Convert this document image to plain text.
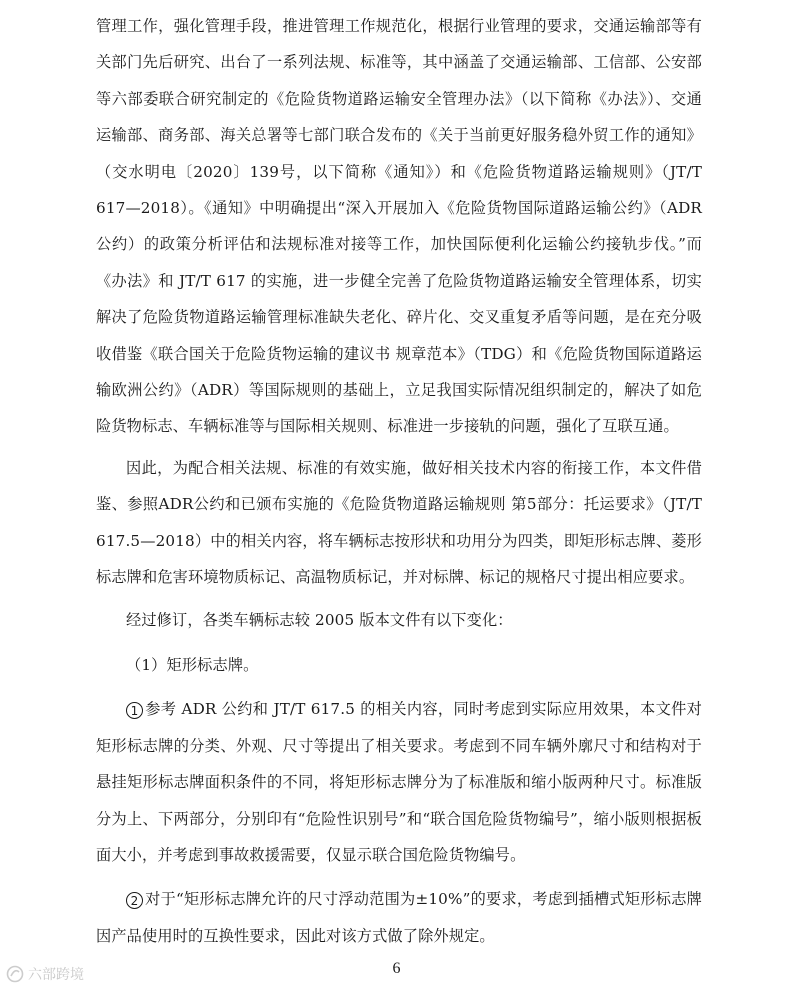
管理工作，强化管理手段，推进管理工作规范化，根据行业管理的要求，交通运输部等有关部门先后研究、出台了一系列法规、标准等，其中涵盖了交通运输部、工信部、公安部等六部委联合研究制定的《危险货物道路运输安全管理办法》（以下简称《办法》）、交通运输部、商务部、海关总署等七部门联合发布的《关于当前更好服务稳外贸工作的通知》（交水明电〔2020〕139号，以下简称《通知》）和《危险货物道路运输规则》（JT/T 617—2018）。《通知》中明确提出“深入开展加入《危险货物国际道路运输公约》（ADR公约）的政策分析评估和法规标准对接等工作，加快国际便利化运输公约接轨步伐。”而《办法》和 JT/T 617 的实施，进一步健全完善了危险货物道路运输安全管理体系，切实解决了危险货物道路运输管理标准缺失老化、碎片化、交叉重复矛盾等问题，是在充分吸收借鉴《联合国关于危险货物运输的建议书 规章范本》（TDG）和《危险货物国际道路运输欧洲公约》（ADR）等国际规则的基础上，立足我国实际情况组织制定的，解决了如危险货物标志、车辆标准等与国际相关规则、标准进一步接轨的问题，强化了互联互通。

因此，为配合相关法规、标准的有效实施，做好相关技术内容的衔接工作，本文件借鉴、参照ADR公约和已颁布实施的《危险货物道路运输规则 第5部分：托运要求》（JT/T 617.5—2018）中的相关内容，将车辆标志按形状和功用分为四类，即矩形标志牌、菱形标志牌和危害环境物质标记、高温物质标记，并对标牌、标记的规格尺寸提出相应要求。

经过修订，各类车辆标志较 2005 版本文件有以下变化：

（1）矩形标志牌。

1 参考 ADR 公约和 JT/T 617.5 的相关内容，同时考虑到实际应用效果，本文件对矩形标志牌的分类、外观、尺寸等提出了相关要求。考虑到不同车辆外廓尺寸和结构对于悬挂矩形标志牌面积条件的不同，将矩形标志牌分为了标准版和缩小版两种尺寸。标准版分为上、下两部分，分别印有“危险性识别号”和“联合国危险货物编号”，缩小版则根据板面大小，并考虑到事故救援需要，仅显示联合国危险货物编号。

2 对于“矩形标志牌允许的尺寸浮动范围为±10%”的要求，考虑到插槽式矩形标志牌因产品使用时的互换性要求，因此对该方式做了除外规定。

6
六部跨境
